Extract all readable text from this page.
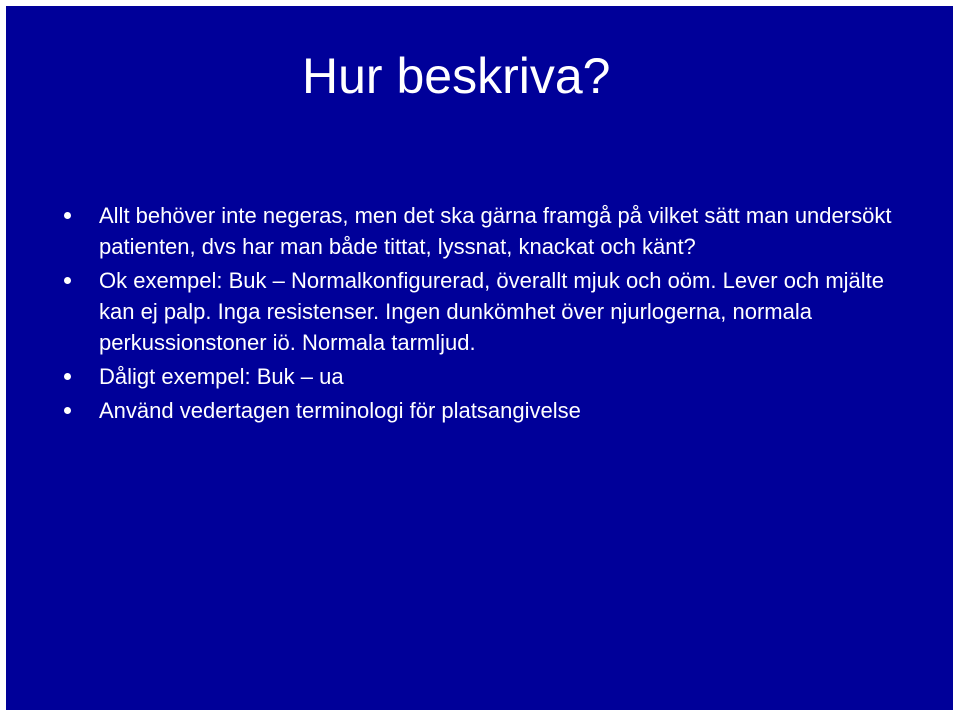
Hur beskriva?
Allt behöver inte negeras, men det ska gärna framgå på vilket sätt man undersökt patienten, dvs har man både tittat, lyssnat, knackat och känt?
Ok exempel: Buk – Normalkonfigurerad, överallt mjuk och oöm. Lever och mjälte kan ej palp. Inga resistenser. Ingen dunkömhet över njurlogerna, normala perkussionstoner iö. Normala tarmljud.
Dåligt exempel: Buk – ua
Använd vedertagen terminologi för platsangivelse
